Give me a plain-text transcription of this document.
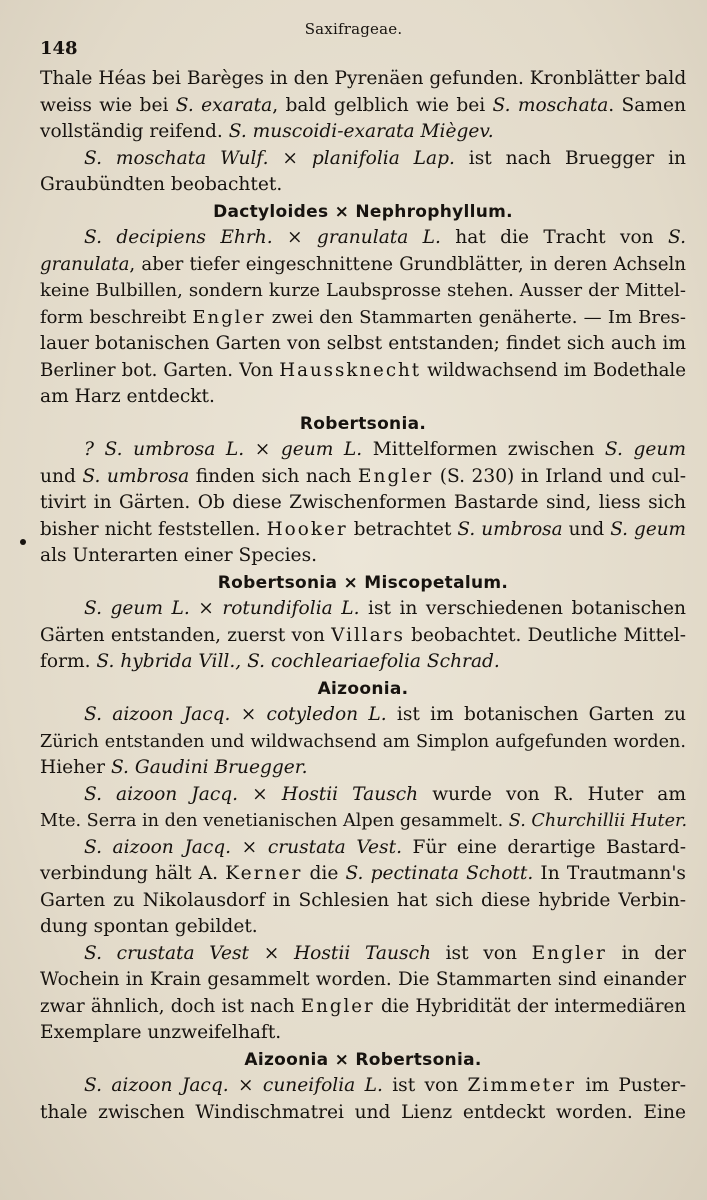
Saxifrageae.
148
Thale Héas bei Barèges in den Pyrenäen gefunden. Kronblätter bald
weiss wie bei S. exarata, bald gelblich wie bei S. moschata. Samen
vollständig reifend. S. muscoidi-exarata Miègev.
S. moschata Wulf. × planifolia Lap. ist nach Bruegger in
Graubündten beobachtet.
Dactyloides × Nephrophyllum.
S. decipiens Ehrh. × granulata L. hat die Tracht von S.
granulata, aber tiefer eingeschnittene Grundblätter, in deren Achseln
keine Bulbillen, sondern kurze Laubsprosse stehen. Ausser der Mittel-
form beschreibt Engler zwei den Stammarten genäherte. — Im Bres-
lauer botanischen Garten von selbst entstanden; findet sich auch im
Berliner bot. Garten. Von Haussknecht wildwachsend im Bodethale
am Harz entdeckt.
Robertsonia.
? S. umbrosa L. × geum L. Mittelformen zwischen S. geum
und S. umbrosa finden sich nach Engler (S. 230) in Irland und cul-
tivirt in Gärten. Ob diese Zwischenformen Bastarde sind, liess sich
bisher nicht feststellen. Hooker betrachtet S. umbrosa und S. geum
als Unterarten einer Species.
Robertsonia × Miscopetalum.
S. geum L. × rotundifolia L. ist in verschiedenen botanischen
Gärten entstanden, zuerst von Villars beobachtet. Deutliche Mittel-
form. S. hybrida Vill., S. cochleariaefolia Schrad.
Aizoonia.
S. aizoon Jacq. × cotyledon L. ist im botanischen Garten zu
Zürich entstanden und wildwachsend am Simplon aufgefunden worden.
Hieher S. Gaudini Bruegger.
S. aizoon Jacq. × Hostii Tausch wurde von R. Huter am
Mte. Serra in den venetianischen Alpen gesammelt. S. Churchillii Huter.
S. aizoon Jacq. × crustata Vest. Für eine derartige Bastard-
verbindung hält A. Kerner die S. pectinata Schott. In Trautmann's
Garten zu Nikolausdorf in Schlesien hat sich diese hybride Verbin-
dung spontan gebildet.
S. crustata Vest × Hostii Tausch ist von Engler in der
Wochein in Krain gesammelt worden. Die Stammarten sind einander
zwar ähnlich, doch ist nach Engler die Hybridität der intermediären
Exemplare unzweifelhaft.
Aizoonia × Robertsonia.
S. aizoon Jacq. × cuneifolia L. ist von Zimmeter im Puster-
thale zwischen Windischmatrei und Lienz entdeckt worden. Eine
